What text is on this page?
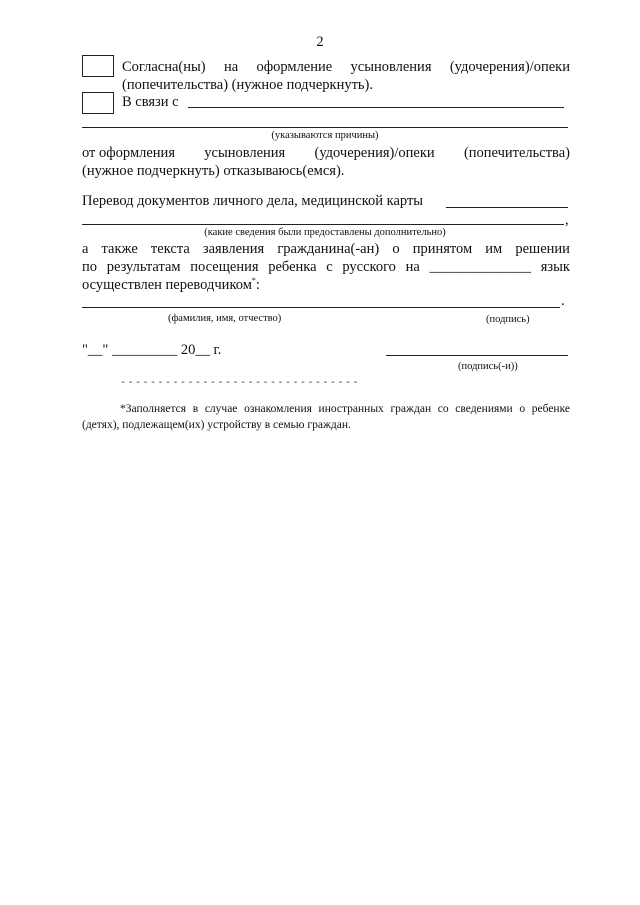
2
Согласна(ны) на оформление усыновления (удочерения)/опеки
(попечительства) (нужное подчеркнуть).
В связи с
(указываются причины)
от оформления усыновления (удочерения)/опеки (попечительства)
(нужное подчеркнуть) отказываюсь(емся).
Перевод документов личного дела, медицинской карты
,
(какие сведения были предоставлены дополнительно)
а также текста заявления гражданина(-ан) о принятом им решении
по результатам посещения ребенка с русского на ______________ язык
осуществлен переводчиком*:
.
(фамилия, имя, отчество)	(подпись)
"__" _________ 20__ г.
(подпись(-и))
--------------------------------
*Заполняется в случае ознакомления иностранных граждан со сведениями о ребенке (детях), подлежащем(их) устройству в семью граждан.
